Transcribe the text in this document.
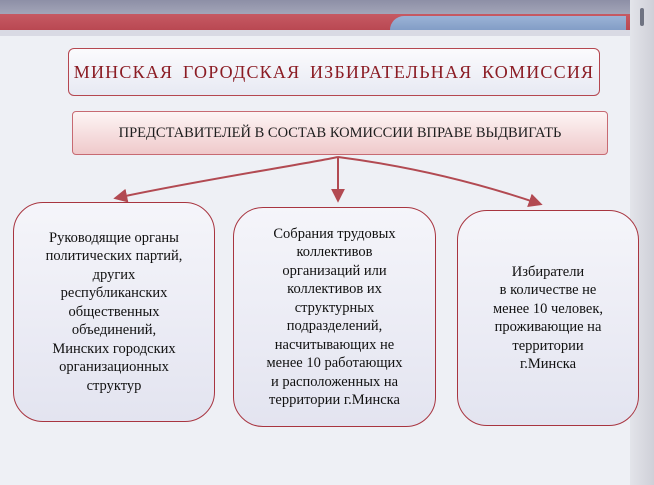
МИНСКАЯ ГОРОДСКАЯ ИЗБИРАТЕЛЬНАЯ КОМИССИЯ
ПРЕДСТАВИТЕЛЕЙ В СОСТАВ КОМИССИИ ВПРАВЕ ВЫДВИГАТЬ
Руководящие органы
политических партий,
других
республиканских
общественных
объединений,
Минских городских
организационных
структур
Собрания трудовых
коллективов
организаций или
коллективов их
структурных
подразделений,
насчитывающих не
менее 10 работающих
и расположенных на
территории г.Минска
Избиратели
в количестве не
менее 10 человек,
проживающие на
территории
г.Минска
